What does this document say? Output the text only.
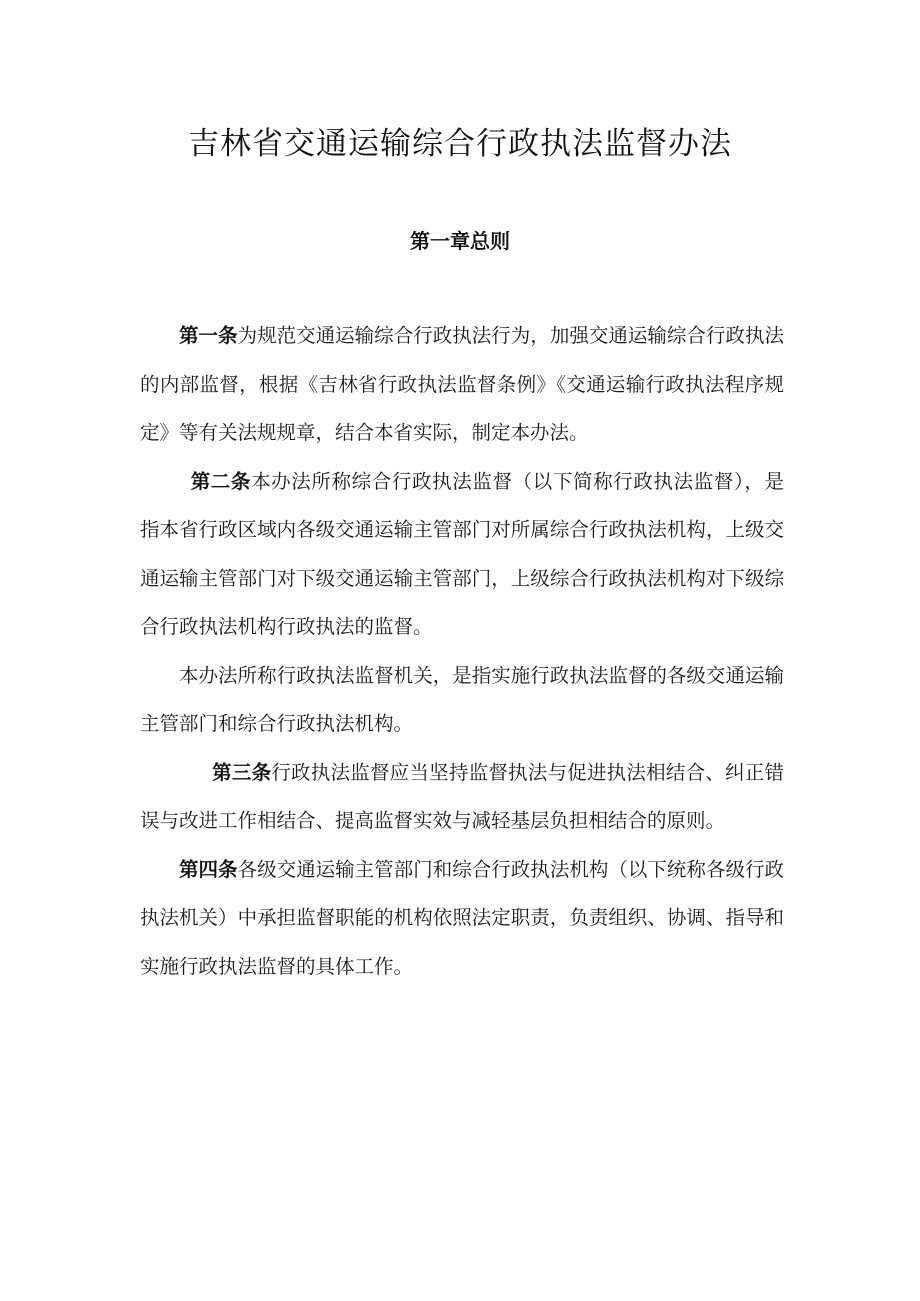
吉林省交通运输综合行政执法监督办法
第一章总则

第一条为规范交通运输综合行政执法行为，加强交通运输综合行政执法的内部监督，根据《吉林省行政执法监督条例》《交通运输行政执法程序规定》等有关法规规章，结合本省实际，制定本办法。

第二条本办法所称综合行政执法监督（以下简称行政执法监督），是指本省行政区域内各级交通运输主管部门对所属综合行政执法机构，上级交通运输主管部门对下级交通运输主管部门，上级综合行政执法机构对下级综合行政执法机构行政执法的监督。

本办法所称行政执法监督机关，是指实施行政执法监督的各级交通运输主管部门和综合行政执法机构。

第三条行政执法监督应当坚持监督执法与促进执法相结合、纠正错误与改进工作相结合、提高监督实效与减轻基层负担相结合的原则。

第四条各级交通运输主管部门和综合行政执法机构（以下统称各级行政执法机关）中承担监督职能的机构依照法定职责，负责组织、协调、指导和实施行政执法监督的具体工作。
